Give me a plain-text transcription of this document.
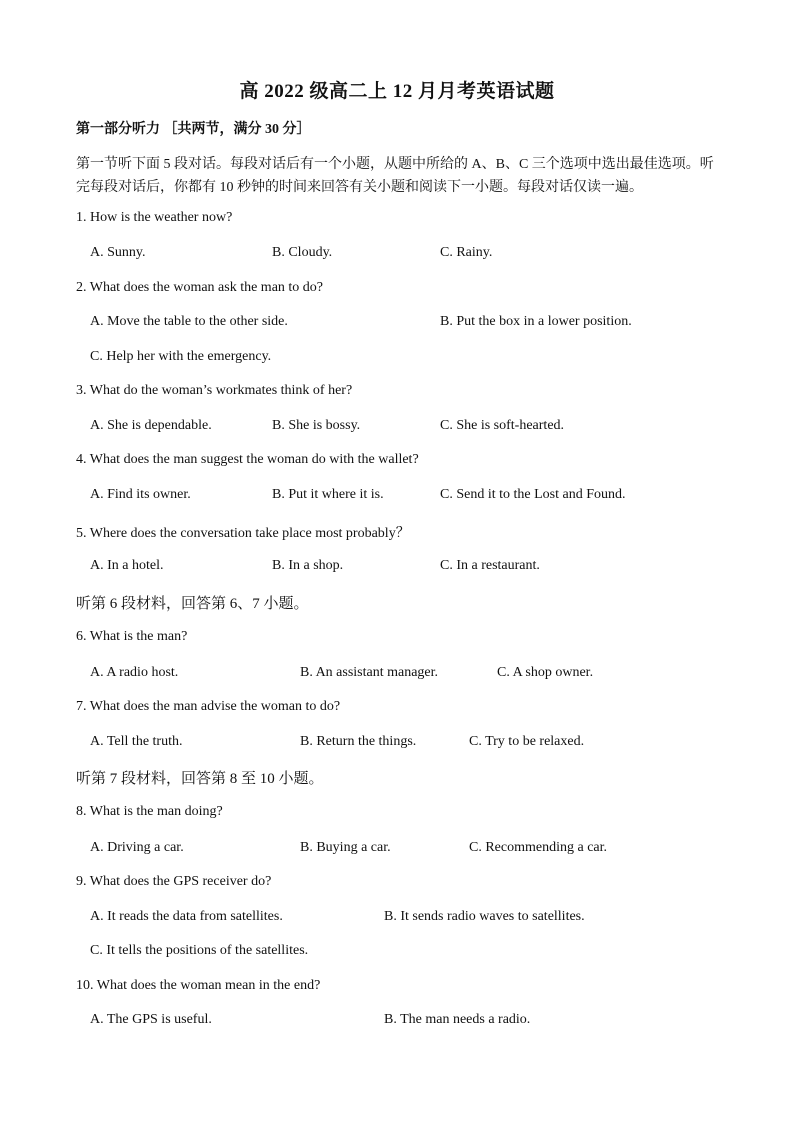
高 2022 级高二上 12 月月考英语试题
第一部分听力 ［共两节，满分 30 分］
第一节听下面 5 段对话。每段对话后有一个小题，从题中所给的 A、B、C 三个选项中选出最佳选项。听完每段对话后，你都有 10 秒钟的时间来回答有关小题和阅读下一小题。每段对话仅读一遍。
1. How is the weather now?
A. Sunny.	B. Cloudy.	C. Rainy.
2. What does the woman ask the man to do?
A. Move the table to the other side.	B. Put the box in a lower position.
C. Help her with the emergency.
3. What do the woman’s workmates think of her?
A. She is dependable.	B. She is bossy.	C. She is soft-hearted.
4. What does the man suggest the woman do with the wallet?
A. Find its owner.	B. Put it where it is.	C. Send it to the Lost and Found.
5. Where does the conversation take place most probably？
A. In a hotel.	B. In a shop.	C. In a restaurant.
听第 6 段材料，回答第 6、7 小题。
6. What is the man?
A. A radio host.	B. An assistant manager.	C. A shop owner.
7. What does the man advise the woman to do?
A. Tell the truth.	B. Return the things.	C. Try to be relaxed.
听第 7 段材料，回答第 8 至 10 小题。
8. What is the man doing?
A. Driving a car.	B. Buying a car.	C. Recommending a car.
9. What does the GPS receiver do?
A. It reads the data from satellites.	B. It sends radio waves to satellites.
C. It tells the positions of the satellites.
10. What does the woman mean in the end?
A. The GPS is useful.	B. The man needs a radio.
